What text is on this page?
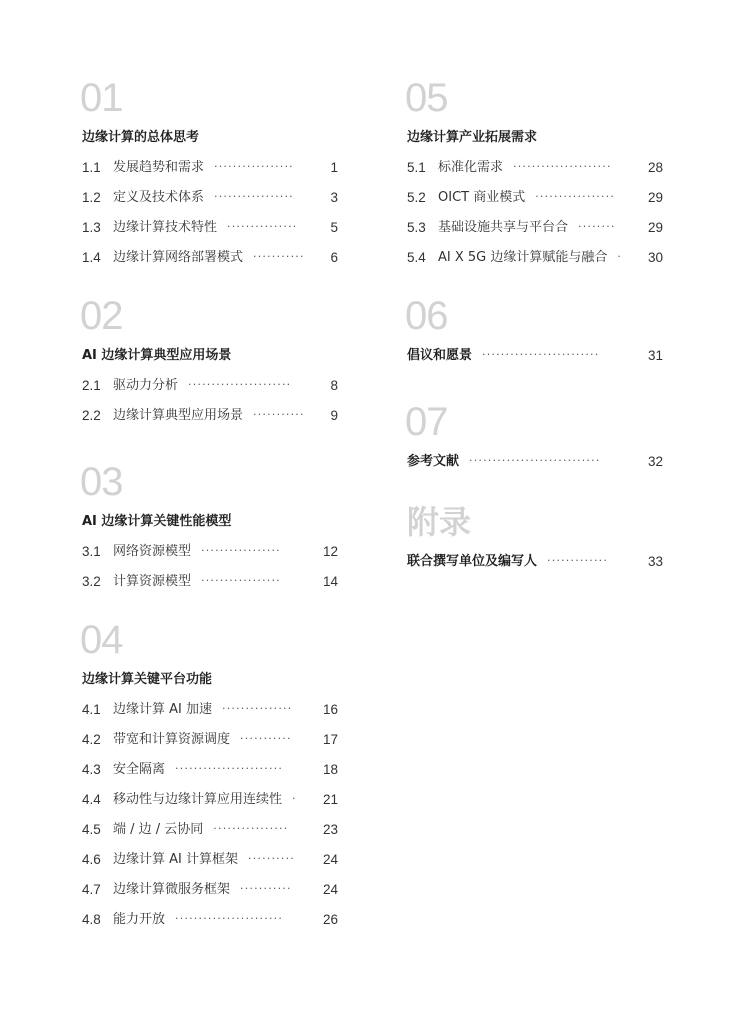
01
边缘计算的总体思考
1.1 发展趋势和需求 ·················	1
1.2 定义及技术体系 ·················	3
1.3 边缘计算技术特性 ···············	5
1.4 边缘计算网络部署模式 ···········	6
02
AI 边缘计算典型应用场景
2.1 驱动力分析 ······················	8
2.2 边缘计算典型应用场景 ···········	9
03
AI 边缘计算关键性能模型
3.1 网络资源模型 ·················	12
3.2 计算资源模型 ·················	14
04
边缘计算关键平台功能
4.1 边缘计算 AI 加速 ···············	16
4.2 带宽和计算资源调度 ···········	17
4.3 安全隔离 ·······················	18
4.4 移动性与边缘计算应用连续性 ·	21
4.5 端 / 边 / 云协同 ················	23
4.6 边缘计算 AI 计算框架 ··········	24
4.7 边缘计算微服务框架 ···········	24
4.8 能力开放 ·······················	26
05
边缘计算产业拓展需求
5.1 标准化需求 ·····················	28
5.2 OICT 商业模式 ·················	29
5.3 基础设施共享与平台合 ········	29
5.4 AI X 5G 边缘计算赋能与融合 ·	30
06
倡议和愿景 ·························	31
07
参考文献 ····························	32
附录
联合撰写单位及编写人 ·············	33
